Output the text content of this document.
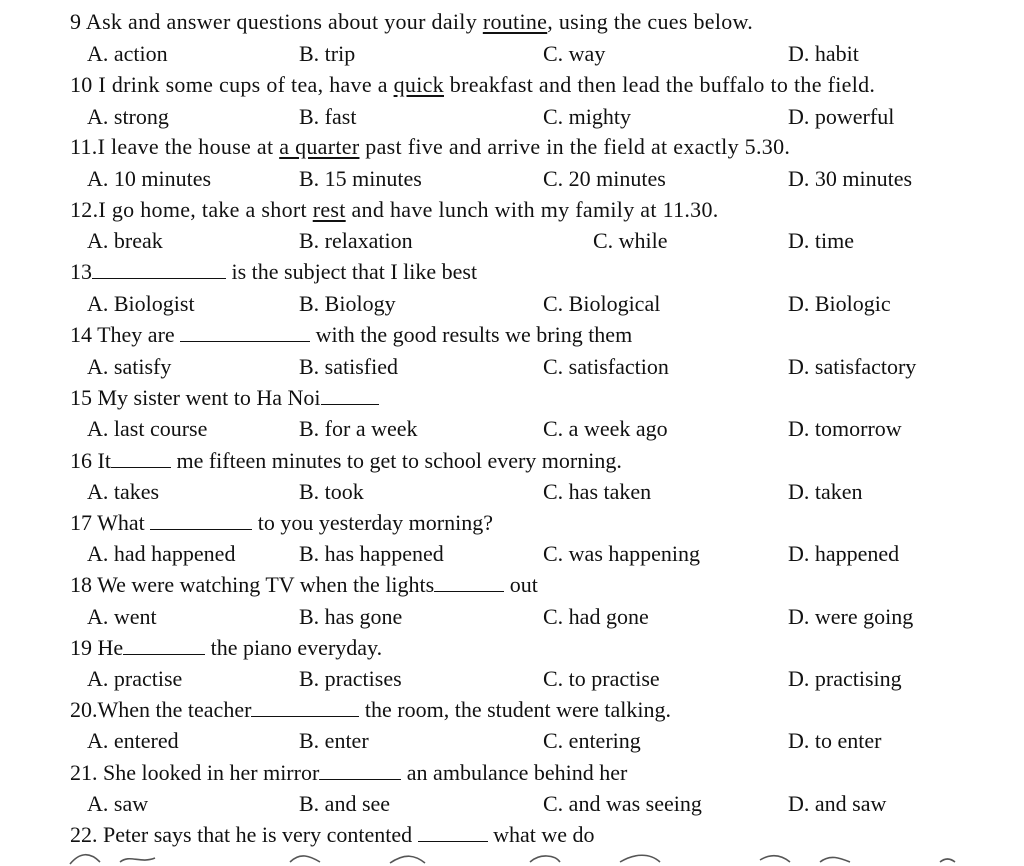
9 Ask and answer questions about your daily routine, using the cues below.
A. action	B. trip	C. way	D. habit
10 I drink some cups of tea, have a quick breakfast and then lead the buffalo to the field.
A. strong	B. fast	C. mighty	D. powerful
11.I leave the house at a quarter past five and arrive in the field at exactly 5.30.
A. 10 minutes	B. 15 minutes	C. 20 minutes	D. 30 minutes
12.I go home, take a short rest and have lunch with my family at 11.30.
A. break	B. relaxation	C. while	D. time
13	is the subject that I like best
A. Biologist	B. Biology	C. Biological	D. Biologic
14 They are	with the good results we bring them
A. satisfy	B. satisfied	C. satisfaction	D. satisfactory
15 My sister went to Ha Noi
A. last course	B. for a week	C. a week ago	D. tomorrow
16 It	me fifteen minutes to get to school every morning.
A. takes	B. took	C. has taken	D. taken
17 What	to you yesterday morning?
A. had happened	B. has happened	C. was happening	D. happened
18 We were watching TV when the lights	out
A. went	B. has gone	C. had gone	D. were going
19 He	the piano everyday.
A. practise	B. practises	C. to practise	D. practising
20.When the teacher	the room, the student were talking.
A. entered	B. enter	C. entering	D. to enter
21. She looked in her mirror	an ambulance behind her
A. saw	B. and see	C. and was seeing	D. and saw
22. Peter says that he is very contented	what we do
